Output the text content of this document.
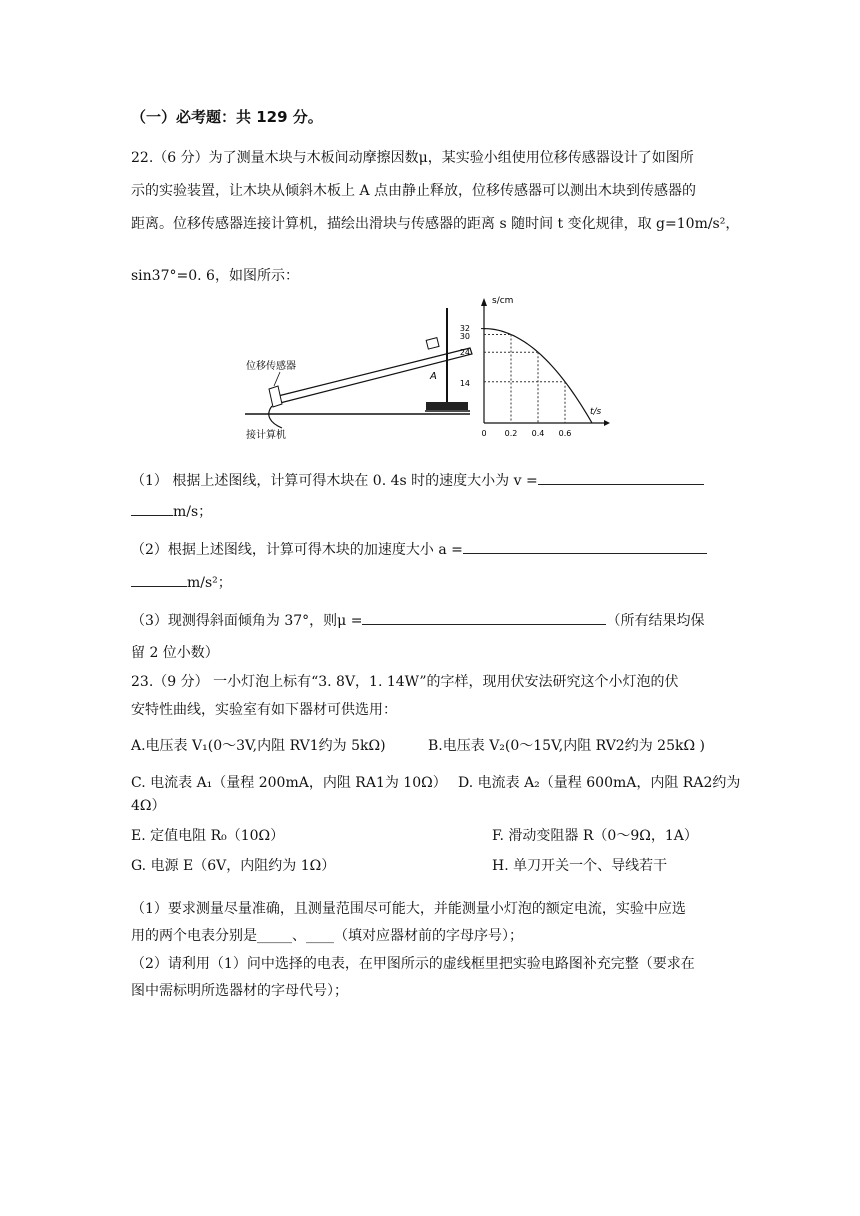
（一）必考题：共 129 分。
22.（6 分）为了测量木块与木板间动摩擦因数μ，某实验小组使用位移传感器设计了如图所
示的实验装置，让木块从倾斜木板上 A 点由静止释放，位移传感器可以测出木块到传感器的
距离。位移传感器连接计算机，描绘出滑块与传感器的距离 s 随时间 t 变化规律，取 g=10m/s²，
sin37°=0. 6，如图所示：
位移传感器
接计算机
A
s/cm
t/s
32
30
24
14
0 0.2 0.4 0.6
（1） 根据上述图线，计算可得木块在 0. 4s 时的速度大小为 v =
m/s；
（2）根据上述图线，计算可得木块的加速度大小 a =
m/s²；
（3）现测得斜面倾角为 37°，则μ =	（所有结果均保
留 2 位小数）
23.（9 分） 一小灯泡上标有“3. 8V，1. 14W”的字样，现用伏安法研究这个小灯泡的伏
安特性曲线，实验室有如下器材可供选用：
A.电压表 V₁(0～3V,内阻 RV1约为 5kΩ)	B.电压表 V₂(0～15V,内阻 RV2约为 25kΩ )
C. 电流表 A₁（量程 200mA，内阻 RA1为 10Ω） D. 电流表 A₂（量程 600mA，内阻 RA2约为
4Ω）
E. 定值电阻 R₀（10Ω）	F. 滑动变阻器 R（0～9Ω，1A）
G. 电源 E（6V，内阻约为 1Ω）	H. 单刀开关一个、导线若干
（1）要求测量尽量准确，且测量范围尽可能大，并能测量小灯泡的额定电流，实验中应选
用的两个电表分别是_____、____（填对应器材前的字母序号）；
（2）请利用（1）问中选择的电表，在甲图所示的虚线框里把实验电路图补充完整（要求在
图中需标明所选器材的字母代号）；
